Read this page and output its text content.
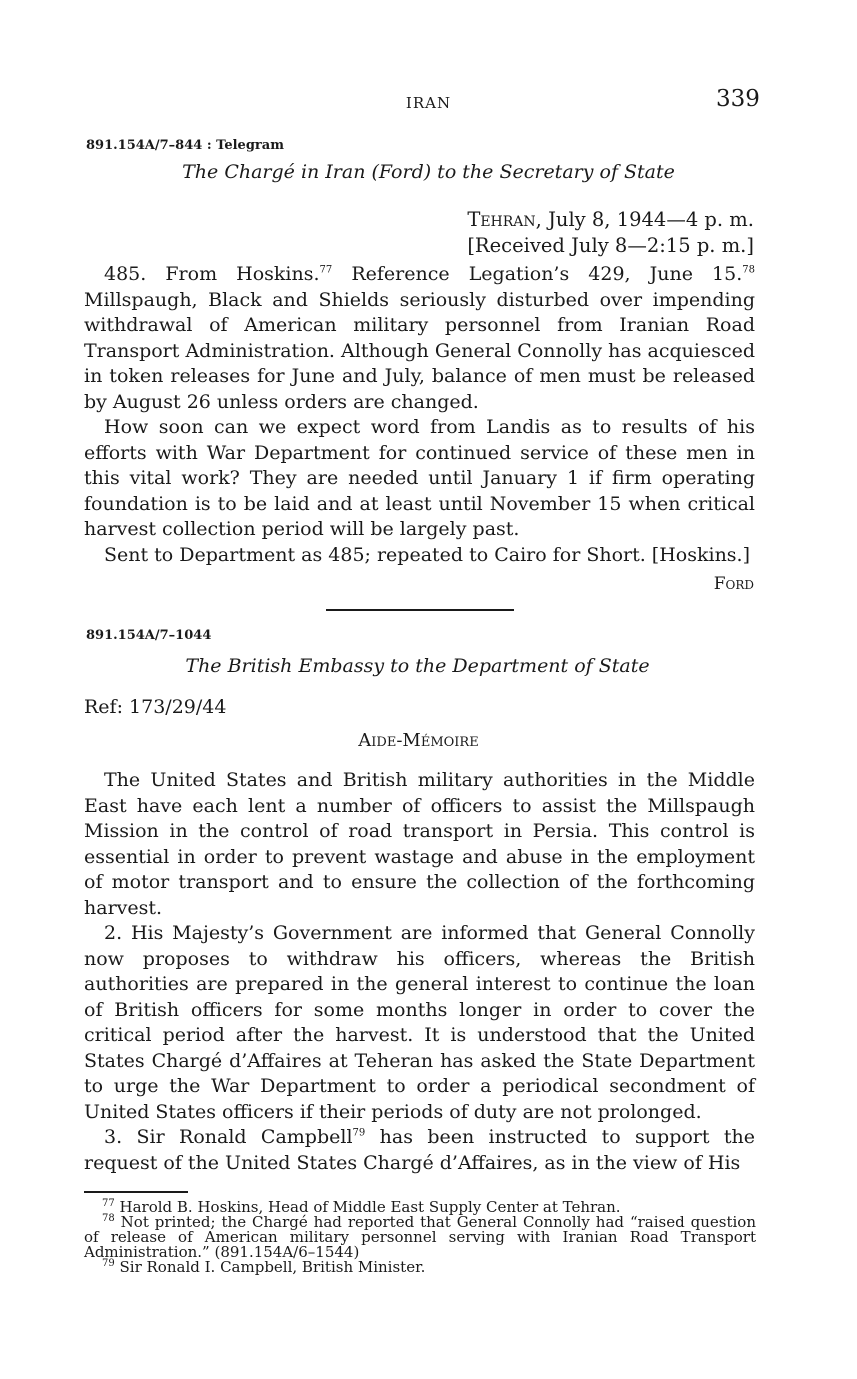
IRAN	339
891.154A/7–844 : Telegram
The Chargé in Iran (Ford) to the Secretary of State
Tehran, July 8, 1944—4 p. m.
[Received July 8—2:15 p. m.]

485. From Hoskins.$^{77}$ Reference Legation’s 429, June 15.78 Millspaugh, Black and Shields seriously disturbed over impending withdrawal of American military personnel from Iranian Road Transport Administration. Although General Connolly has acquiesced in token releases for June and July, balance of men must be released by August 26 unless orders are changed.

How soon can we expect word from Landis as to results of his efforts with War Department for continued service of these men in this vital work? They are needed until January 1 if firm operating foundation is to be laid and at least until November 15 when critical harvest collection period will be largely past.

Sent to Department as 485; repeated to Cairo for Short. [Hoskins.]

Ford
891.154A/7–1044
The British Embassy to the Department of State
Ref: 173/29/44
Aide-Mémoire

The United States and British military authorities in the Middle East have each lent a number of officers to assist the Millspaugh Mission in the control of road transport in Persia. This control is essential in order to prevent wastage and abuse in the employment of motor transport and to ensure the collection of the forthcoming harvest.

2. His Majesty’s Government are informed that General Connolly now proposes to withdraw his officers, whereas the British authorities are prepared in the general interest to continue the loan of British officers for some months longer in order to cover the critical period after the harvest. It is understood that the United States Chargé d’Affaires at Teheran has asked the State Department to urge the War Department to order a periodical secondment of United States officers if their periods of duty are not prolonged.

3. Sir Ronald Campbell$^{79}$ has been instructed to support the request of the United States Chargé d’Affaires, as in the view of His

$^{77}$ Harold B. Hoskins, Head of Middle East Supply Center at Tehran.

$^{78}$ Not printed; the Chargé had reported that General Connolly had “raised question of release of American military personnel serving with Iranian Road Transport Administration.” (891.154A/6–1544)

$^{79}$ Sir Ronald I. Campbell, British Minister.
